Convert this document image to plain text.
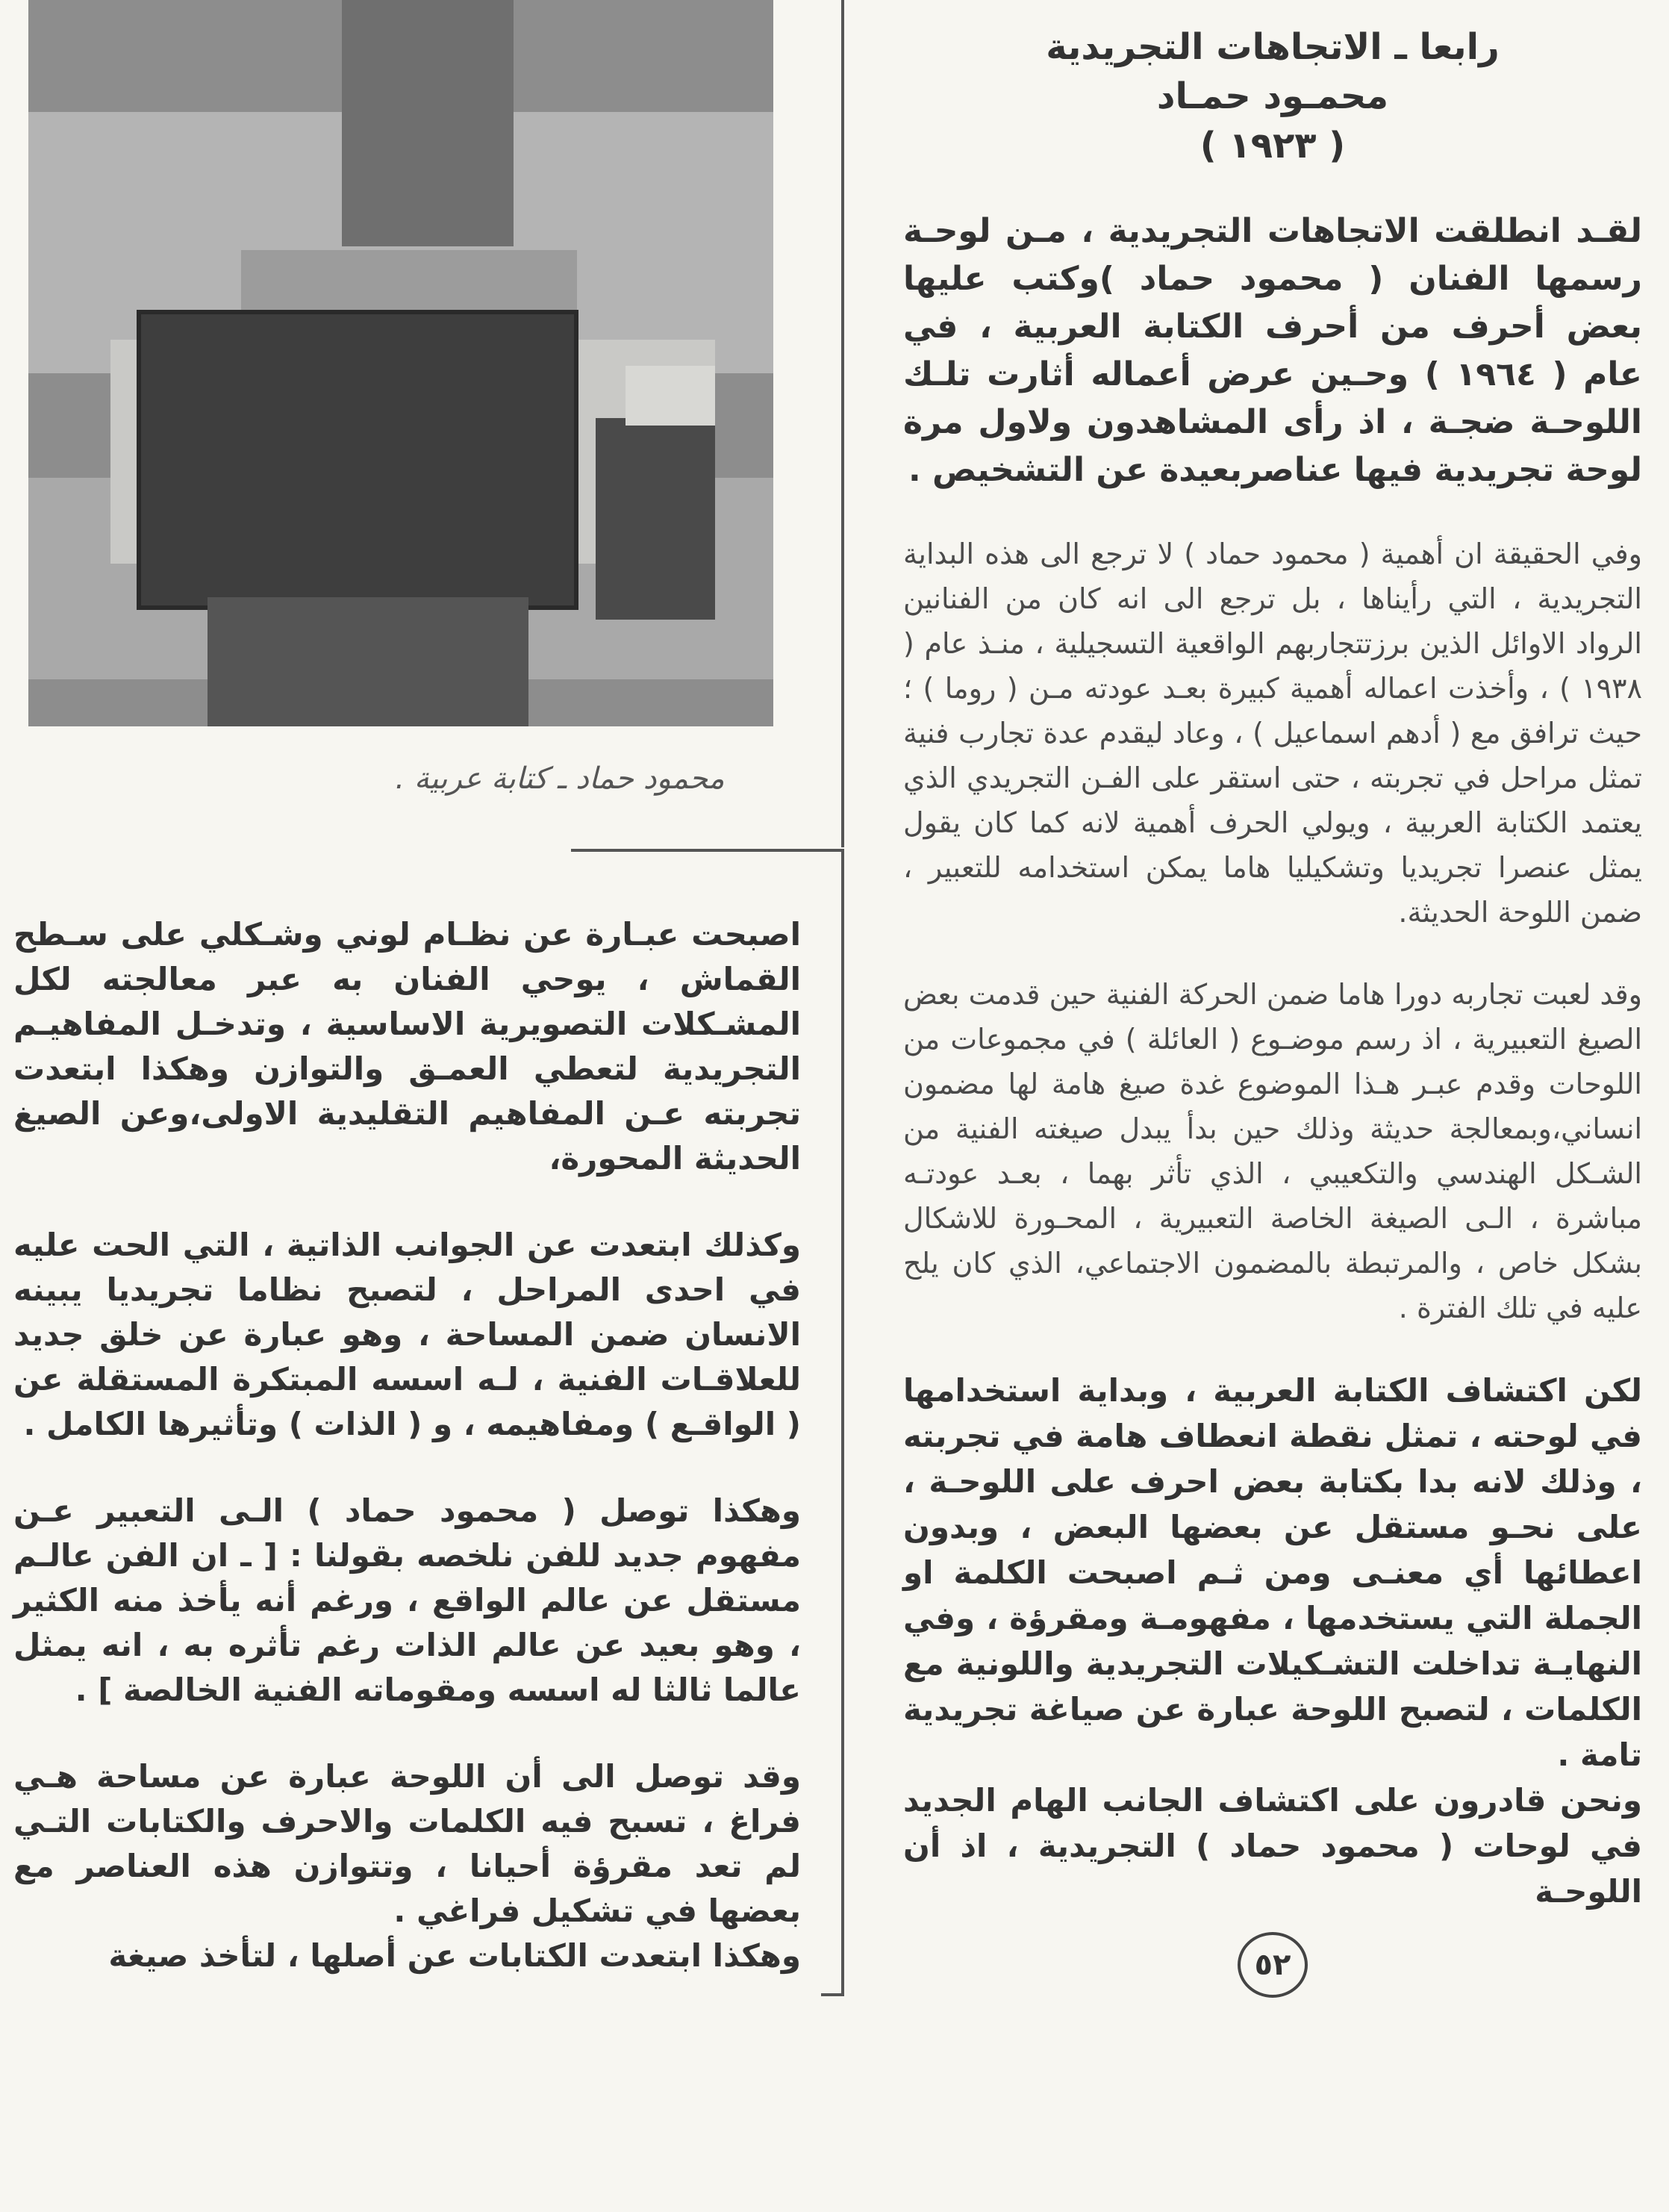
محمود حماد ـ كتابة عربية .
رابعا ـ الاتجاهات التجريدية
محمـود حمـاد
( ١٩٢٣ )

لقـد انطلقت الاتجاهات التجريدية ، مـن لوحـة رسمها الفنان ( محمود حماد )وكتب عليها بعض أحرف من أحرف الكتابة العربية ، في عام ( ١٩٦٤ ) وحـين عرض أعماله أثارت تلـك اللوحـة ضجـة ، اذ رأى المشاهدون ولاول مرة لوحة تجريدية فيها عناصربعيدة عن التشخيص .

وفي الحقيقة ان أهمية ( محمود حماد ) لا ترجع الى هذه البداية التجريدية ، التي رأيناها ، بل ترجع الى انه كان من الفنانين الرواد الاوائل الذين برزتتجاربهم الواقعية التسجيلية ، منـذ عام ( ١٩٣٨ ) ، وأخذت اعماله أهمية كبيرة بعـد عودته مـن ( روما ) ؛ حيث ترافق مع ( أدهم اسماعيل ) ، وعاد ليقدم عدة تجارب فنية تمثل مراحل في تجربته ، حتى استقر على الفـن التجريدي الذي يعتمد الكتابة العربية ، ويولي الحرف أهمية لانه كما كان يقول يمثل عنصرا تجريديا وتشكيليا هاما يمكن استخدامه للتعبير ، ضمن اللوحة الحديثة.

وقد لعبت تجاربه دورا هاما ضمن الحركة الفنية حين قدمت بعض الصيغ التعبيرية ، اذ رسم موضـوع ( العائلة ) في مجموعات من اللوحات وقدم عبـر هـذا الموضوع غدة صيغ هامة لها مضمون انساني،وبمعالجة حديثة وذلك حين بدأ يبدل صيغته الفنية من الشـكل الهندسي والتكعيبي ، الذي تأثر بهما ، بعـد عودتـه مباشرة ، الـى الصيغة الخاصة التعبيرية ، المحـورة للاشكال بشكل خاص ، والمرتبطة بالمضمون الاجتماعي، الذي كان يلح عليه في تلك الفترة .

لكن اكتشاف الكتابة العربية ، وبداية استخدامها في لوحته ، تمثل نقطة انعطاف هامة في تجربته ، وذلك لانه بدا بكتابة بعض احرف على اللوحـة ، على نحـو مستقل عن بعضها البعض ، وبدون اعطائها أي معنـى ومن ثـم اصبحت الكلمة او الجملة التي يستخدمها ، مفهومـة ومقرؤة ، وفي النهايـة تداخلت التشـكيلات التجريدية واللونية مع الكلمات ، لتصبح اللوحة عبارة عن صياغة تجريدية تامة .

ونحن قادرون على اكتشاف الجانب الهام الجديد في لوحات ( محمود حماد ) التجريدية ، اذ أن اللوحـة

٥٢

اصبحت عبـارة عن نظـام لوني وشـكلي على سـطح القماش ، يوحي الفنان به عبر معالجته لكل المشـكلات التصويرية الاساسية ، وتدخـل المفاهيـم التجريدية لتعطي العمـق والتوازن وهكذا ابتعدت تجربته عـن المفاهيم التقليدية الاولى،وعن الصيغ الحديثة المحورة،

وكذلك ابتعدت عن الجوانب الذاتية ، التي الحت عليه في احدى المراحل ، لتصبح نظاما تجريديا يبينه الانسان ضمن المساحة ، وهو عبارة عن خلق جديد للعلاقـات الفنية ، لـه اسسه المبتكرة المستقلة عن ( الواقـع ) ومفاهيمه ، و ( الذات ) وتأثيرها الكامل .

وهكذا توصل ( محمود حماد ) الـى التعبير عـن مفهوم جديد للفن نلخصه بقولنا : [ ـ ان الفن عالـم مستقل عن عالم الواقع ، ورغم أنه يأخذ منه الكثير ، وهو بعيد عن عالم الذات رغم تأثره به ، انه يمثل عالما ثالثا له اسسه ومقوماته الفنية الخالصة ] .

وقد توصل الى أن اللوحة عبارة عن مساحة هـي فراغ ، تسبح فيه الكلمات والاحرف والكتابات التـي لم تعد مقرؤة أحيانا ، وتتوازن هذه العناصر مع بعضها في تشكيل فراغي .

وهكذا ابتعدت الكتابات عن أصلها ، لتأخذ صيغة
